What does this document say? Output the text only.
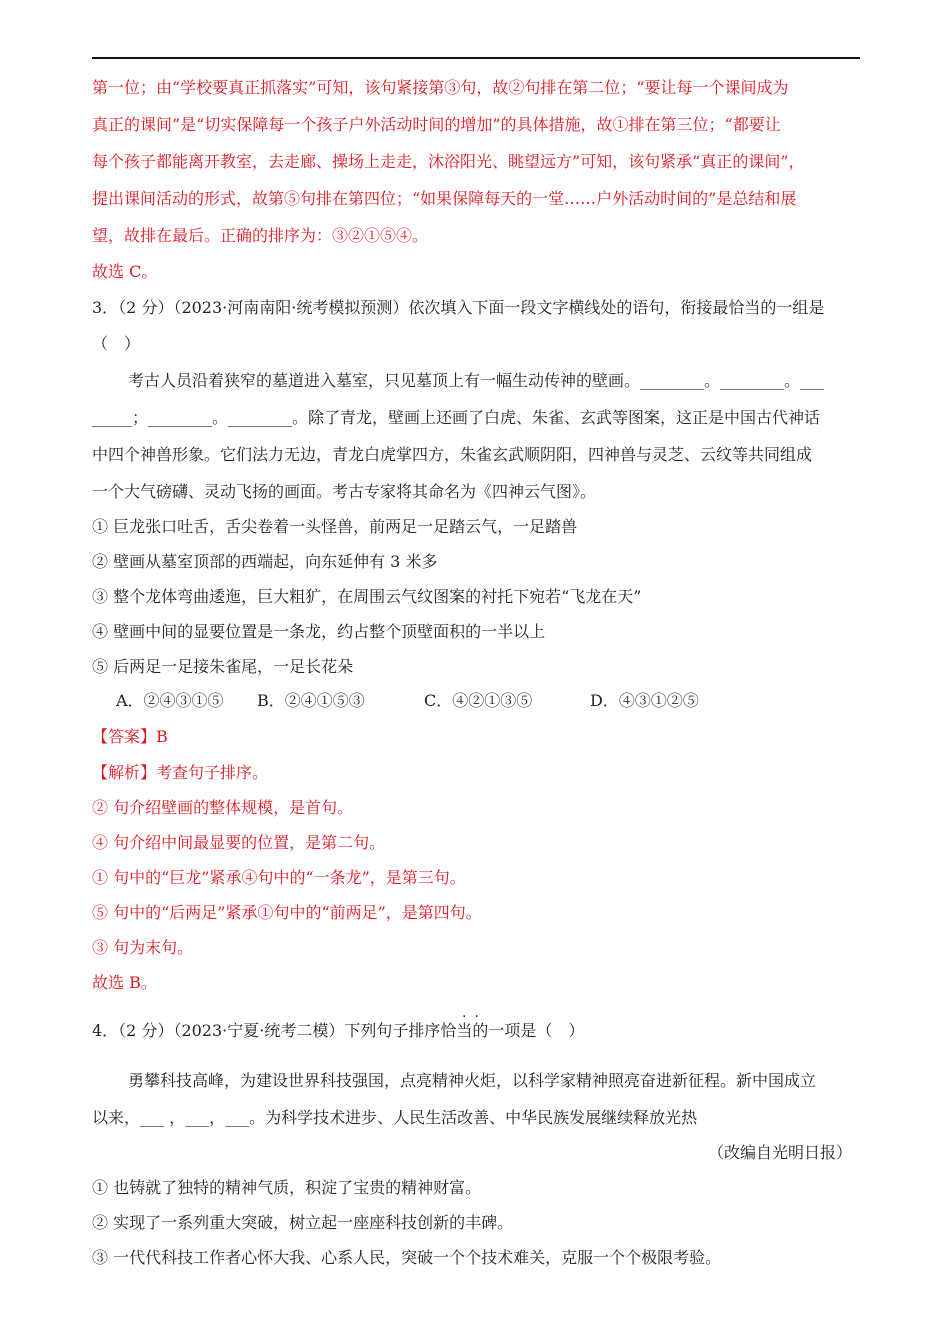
第一位；由“学校要真正抓落实”可知，该句紧接第③句，故②句排在第二位；“要让每一个课间成为
真正的课间”是“切实保障每一个孩子户外活动时间的增加”的具体措施，故①排在第三位；“都要让
每个孩子都能离开教室，去走廊、操场上走走，沐浴阳光、眺望远方”可知，该句紧承“真正的课间”，
提出课间活动的形式，故第⑤句排在第四位；“如果保障每天的一堂……户外活动时间的”是总结和展
望，故排在最后。正确的排序为：③②①⑤④。
故选 C。
3．（2 分）（2023·河南南阳·统考模拟预测）依次填入下面一段文字横线处的语句，衔接最恰当的一组是
（　）
考古人员沿着狭窄的墓道进入墓室，只见墓顶上有一幅生动传神的壁画。________。________。___
_____；________。________。除了青龙，壁画上还画了白虎、朱雀、玄武等图案，这正是中国古代神话
中四个神兽形象。它们法力无边，青龙白虎掌四方，朱雀玄武顺阴阳，四神兽与灵芝、云纹等共同组成
一个大气磅礴、灵动飞扬的画面。考古专家将其命名为《四神云气图》。
① 巨龙张口吐舌，舌尖卷着一头怪兽，前两足一足踏云气，一足踏兽
② 壁画从墓室顶部的西端起，向东延伸有 3 米多
③ 整个龙体弯曲逶迤，巨大粗犷，在周围云气纹图案的衬托下宛若“飞龙在天”
④ 壁画中间的显要位置是一条龙，约占整个顶壁面积的一半以上
⑤ 后两足一足接朱雀尾，一足长花朵
A．②④③①⑤ B．②④①⑤③	C．④②①③⑤	D．④③①②⑤
【答案】B
【解析】考查句子排序。
② 句介绍壁画的整体规模，是首句。
④ 句介绍中间最显要的位置，是第二句。
① 句中的“巨龙”紧承④句中的“一条龙”，是第三句。
⑤ 句中的“后两足”紧承①句中的“前两足”，是第四句。
③ 句为末句。
故选 B。
··
4．（2 分）（2023·宁夏·统考二模）下列句子排序恰当的一项是（　）
勇攀科技高峰，为建设世界科技强国，点亮精神火炬，以科学家精神照亮奋进新征程。新中国成立
以来，___ ，___，___。为科学技术进步、人民生活改善、中华民族发展继续释放光热
（改编自光明日报）
① 也铸就了独特的精神气质，积淀了宝贵的精神财富。
② 实现了一系列重大突破，树立起一座座科技创新的丰碑。
③ 一代代科技工作者心怀大我、心系人民，突破一个个技术难关，克服一个个极限考验。
